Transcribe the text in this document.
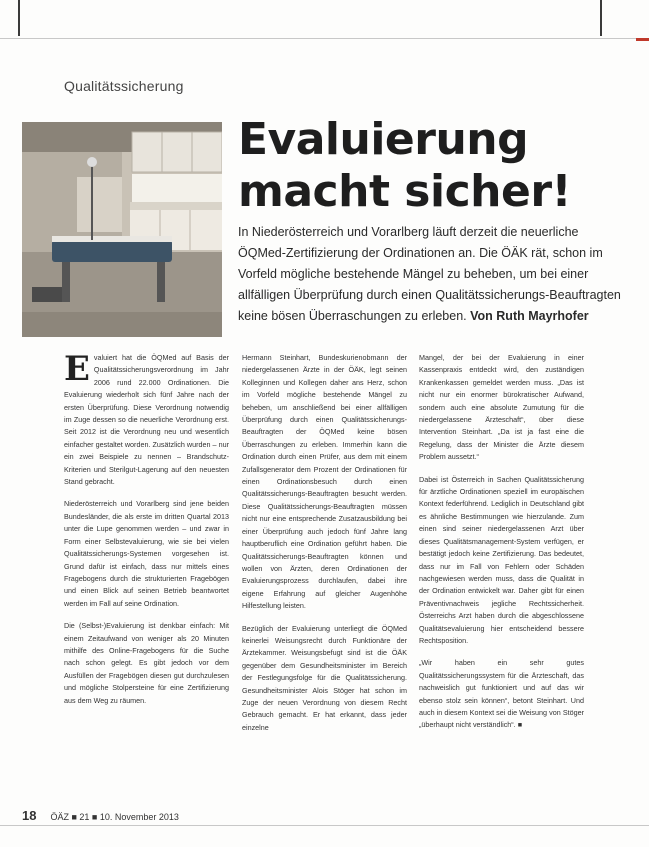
Qualitätssicherung
Evaluierung
macht sicher!
In Niederösterreich und Vorarlberg läuft derzeit die neuerliche ÖQMed-Zertifizierung der Ordinationen an. Die ÖÄK rät, schon im Vorfeld mögliche bestehende Mängel zu beheben, um bei einer allfälligen Überprüfung durch einen Qualitätssicherungs-Beauftragten keine bösen Überraschungen zu erleben. Von Ruth Mayrhofer

Evaluiert hat die ÖQMed auf Basis der Qualitätssicherungsverordnung im Jahr 2006 rund 22.000 Ordinationen. Die Evaluierung wiederholt sich fünf Jahre nach der ersten Überprüfung. Diese Verordnung notwendig im Zuge dessen so die neuerliche Verordnung erst. Seit 2012 ist die Verordnung neu und wesentlich einfacher gestaltet worden. Zusätzlich wurden – nur ein zwei Beispiele zu nennen – Brandschutz-Kriterien und Sterilgut-Lagerung auf den neuesten Stand gebracht.

Niederösterreich und Vorarlberg sind jene beiden Bundesländer, die als erste im dritten Quartal 2013 unter die Lupe genommen werden – und zwar in Form einer Selbstevaluierung, wie sie bei vielen Qualitätssicherungs-Systemen vorgesehen ist. Grund dafür ist einfach, dass nur mittels eines Fragebogens durch die strukturierten Fragebögen und einen Blick auf seinen Betrieb beantwortet werden im Fall auf seine Ordination.

Die (Selbst-)Evaluierung ist denkbar einfach: Mit einem Zeitaufwand von weniger als 20 Minuten mithilfe des Online-Fragebogens für die Suche nach schon gelegt. Es gibt jedoch vor dem Ausfüllen der Fragebögen diesen gut durchzulesen und mögliche Stolpersteine für eine Zertifizierung aus dem Weg zu räumen.

Hermann Steinhart, Bundeskurienobmann der niedergelassenen Ärzte in der ÖÄK, legt seinen Kolleginnen und Kollegen daher ans Herz, schon im Vorfeld mögliche bestehende Mängel zu beheben, um anschließend bei einer allfälligen Überprüfung durch einen Qualitätssicherungs-Beauftragten der ÖQMed keine bösen Überraschungen zu erleben. Immerhin kann die Ordination durch einen Prüfer, aus dem mit einem Zufallsgenerator dem Prozent der Ordinationen für einen Ordinationsbesuch durch einen Qualitätssicherungs-Beauftragten besucht werden. Diese Qualitätssicherungs-Beauftragten müssen nicht nur eine entsprechende Zusatzausbildung bei einer Überprüfung auch jedoch fünf Jahre lang hauptberuflich eine Ordination geführt haben. Die Qualitätssicherungs-Beauftragten können und wollen von Ärzten, deren Ordinationen der Evaluierungsprozess durchlaufen, dabei ihre eigene Erfahrung auf gleicher Augenhöhe Hilfestellung leisten.

Bezüglich der Evaluierung unterliegt die ÖQMed keinerlei Weisungsrecht durch Funktionäre der Ärztekammer. Weisungsbefugt sind ist die ÖÄK gegenüber dem Gesundheitsminister im Bereich der Festlegungsfolge für die Qualitätssicherung. Gesundheitsminister Alois Stöger hat schon im Zuge der neuen Verordnung von diesem Recht Gebrauch gemacht. Er hat erkannt, dass jeder einzelne

Mangel, der bei der Evaluierung in einer Kassenpraxis entdeckt wird, den zuständigen Krankenkassen gemeldet werden muss. „Das ist nicht nur ein enormer bürokratischer Aufwand, sondern auch eine absolute Zumutung für die niedergelassene Ärzteschaft“, über diese Intervention Steinhart. „Da ist ja fast eine die Regelung, dass der Minister die Ärzte diesem Problem aussetzt.“

Dabei ist Österreich in Sachen Qualitätssicherung für ärztliche Ordinationen speziell im europäischen Kontext federführend. Lediglich in Deutschland gibt es ähnliche Bestimmungen wie hierzulande. Zum einen sind seiner niedergelassenen Arzt über dieses Qualitätsmanagement-System verfügen, er bestätigt jedoch keine Zertifizierung. Das bedeutet, dass nur im Fall von Fehlern oder Schäden nachgewiesen werden muss, dass die Qualität in der Ordination entwickelt war. Daher gibt für einen Präventivnachweis jegliche Rechtssicherheit. Österreichs Arzt haben durch die abgeschlossene Qualitätsevaluierung hier entscheidend bessere Rechtsposition.

„Wir haben ein sehr gutes Qualitätssicherungssystem für die Ärzteschaft, das nachweislich gut funktioniert und auf das wir ebenso stolz sein können“, betont Steinhart. Und auch in diesem Kontext sei die Weisung von Stöger „überhaupt nicht verständlich“. ■

18 ÖÄZ ■ 21 ■ 10. November 2013
